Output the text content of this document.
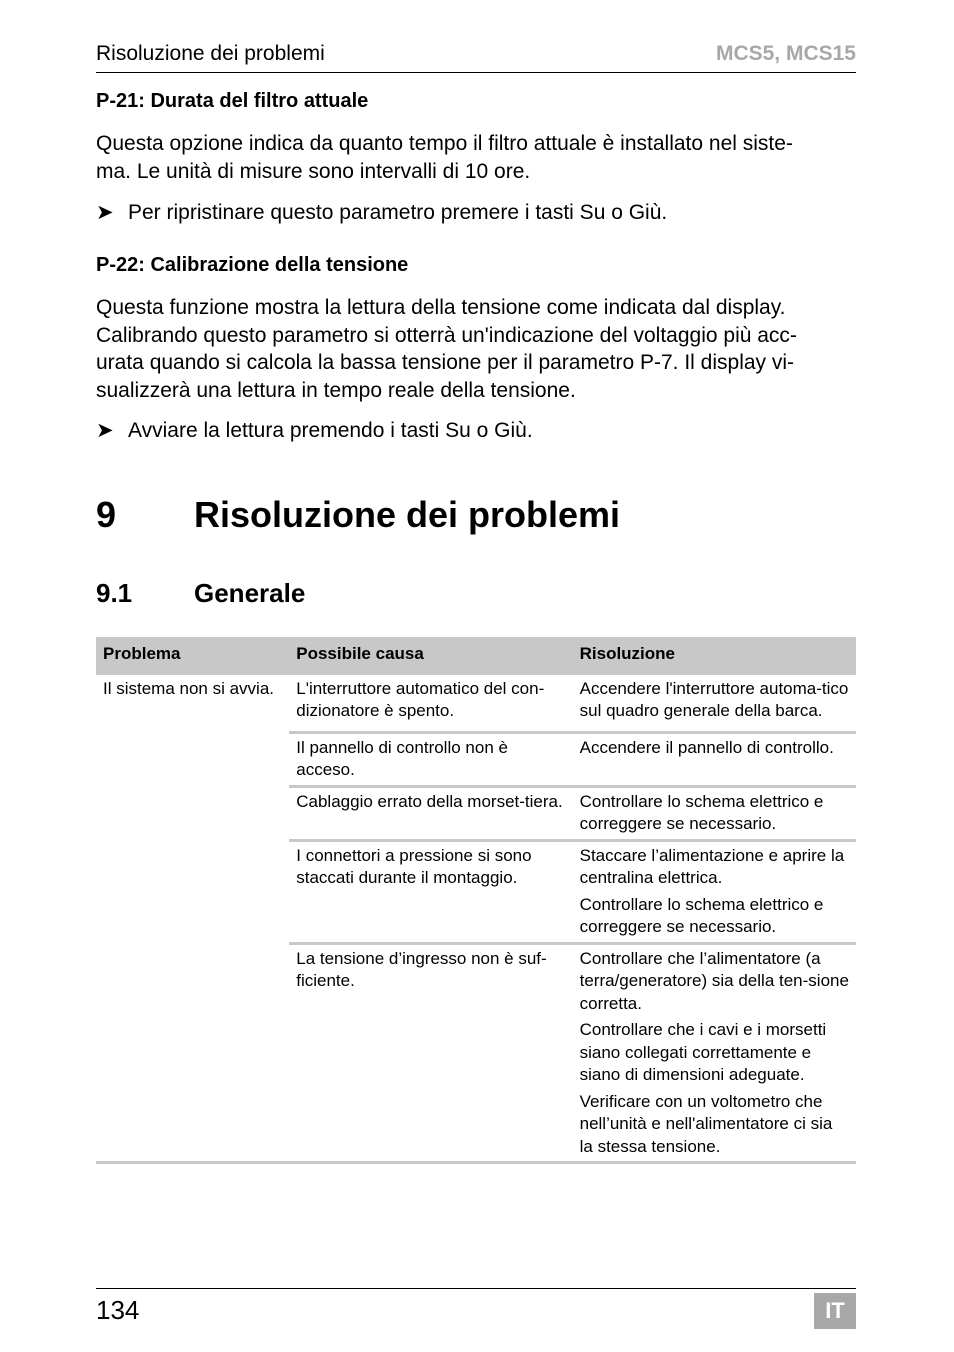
Risoluzione dei problemi	MCS5, MCS15
P-21: Durata del filtro attuale

Questa opzione indica da quanto tempo il filtro attuale è installato nel siste-

ma. Le unità di misure sono intervalli di 10 ore.

➤ Per ripristinare questo parametro premere i tasti Su o Giù.
P-22: Calibrazione della tensione

Questa funzione mostra la lettura della tensione come indicata dal display.

Calibrando questo parametro si otterrà un'indicazione del voltaggio più acc-

urata quando si calcola la bassa tensione per il parametro P-7. Il display vi-

sualizzerà una lettura in tempo reale della tensione.

➤ Avviare la lettura premendo i tasti Su o Giù.
9 Risoluzione dei problemi
9.1 Generale
Problema	Possibile causa	Risoluzione
Il sistema non si avvia.	L'interruttore automatico del con-dizionatore è spento.	Accendere l'interruttore automa-tico sul quadro generale della barca.

	Il pannello di controllo non è acceso.	Accendere il pannello di controllo.

	Cablaggio errato della morset-tiera.	Controllare lo schema elettrico e correggere se necessario.

	I connettori a pressione si sono staccati durante il montaggio.	Staccare l’alimentazione e aprire la centralina elettrica.
Controllare lo schema elettrico e correggere se necessario.

	La tensione d’ingresso non è suf-ficiente.	Controllare che l’alimentatore (a terra/generatore) sia della ten-sione corretta.
Controllare che i cavi e i morsetti siano collegati correttamente e siano di dimensioni adeguate.
Verificare con un voltometro che nell’unità e nell'alimentatore ci sia la stessa tensione.
134	IT
